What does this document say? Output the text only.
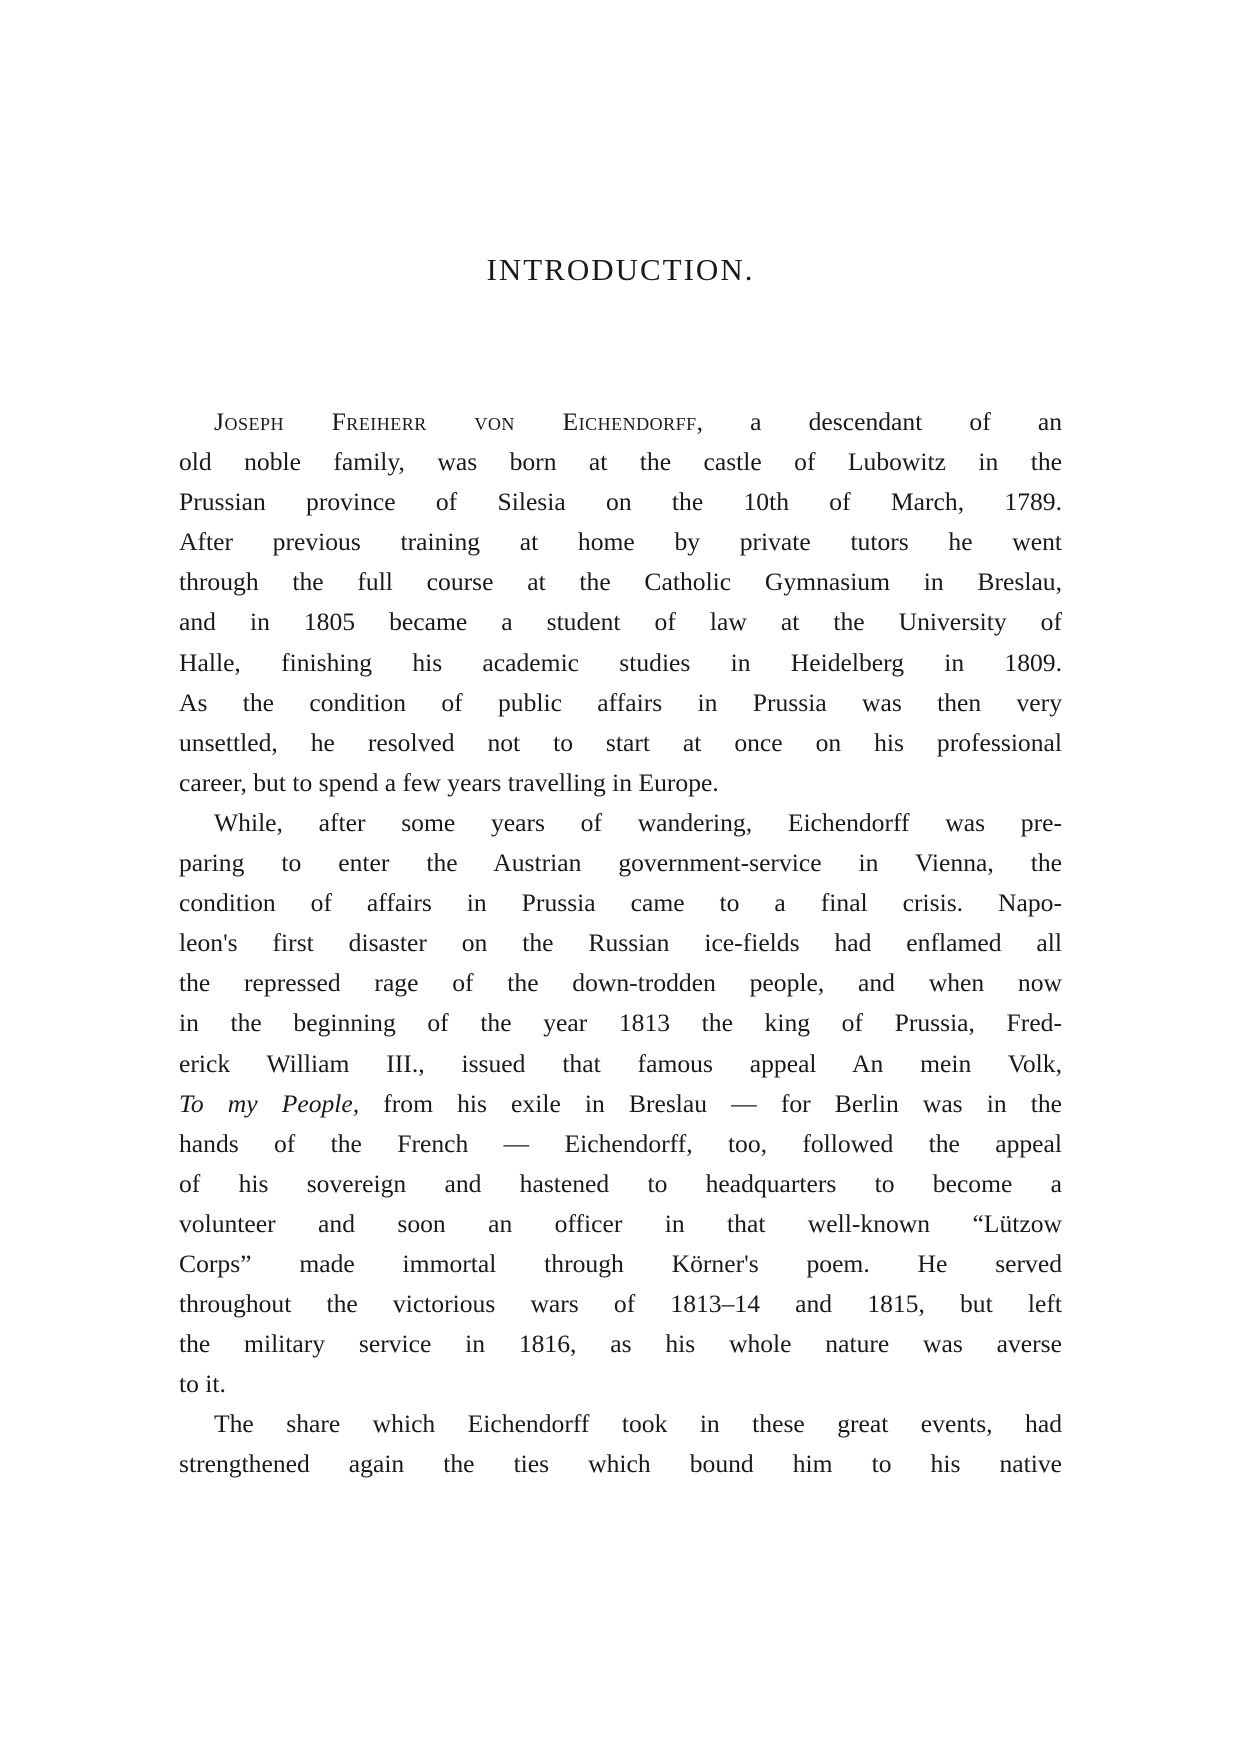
INTRODUCTION.

Joseph Freiherr von Eichendorff, a descendant of an
old noble family, was born at the castle of Lubowitz in the
Prussian province of Silesia on the 10th of March, 1789.
After previous training at home by private tutors he went
through the full course at the Catholic Gymnasium in Breslau,
and in 1805 became a student of law at the University of
Halle, finishing his academic studies in Heidelberg in 1809.
As the condition of public affairs in Prussia was then very
unsettled, he resolved not to start at once on his professional
career, but to spend a few years travelling in Europe.

While, after some years of wandering, Eichendorff was pre-
paring to enter the Austrian government-service in Vienna, the
condition of affairs in Prussia came to a final crisis. Napo-
leon's first disaster on the Russian ice-fields had enflamed all
the repressed rage of the down-trodden people, and when now
in the beginning of the year 1813 the king of Prussia, Fred-
erick William III., issued that famous appeal An mein Volk,
To my People, from his exile in Breslau — for Berlin was in the
hands of the French — Eichendorff, too, followed the appeal
of his sovereign and hastened to headquarters to become a
volunteer and soon an officer in that well-known “Lützow
Corps” made immortal through Körner's poem. He served
throughout the victorious wars of 1813–14 and 1815, but left
the military service in 1816, as his whole nature was averse
to it.

The share which Eichendorff took in these great events, had
strengthened again the ties which bound him to his native
